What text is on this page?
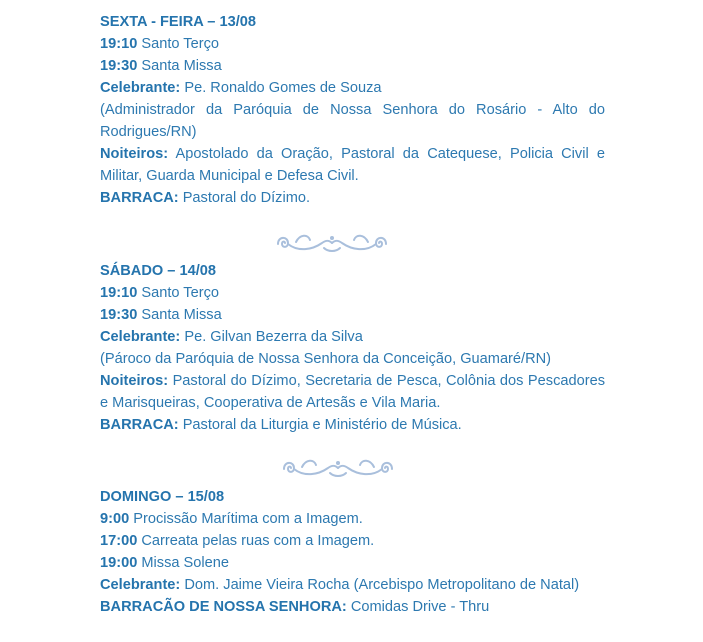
SEXTA - FEIRA – 13/08
19:10 Santo Terço
19:30 Santa Missa
Celebrante: Pe. Ronaldo Gomes de Souza
(Administrador da Paróquia de Nossa Senhora do Rosário - Alto do Rodrigues/RN)
Noiteiros: Apostolado da Oração, Pastoral da Catequese, Policia Civil e Militar, Guarda Municipal e Defesa Civil.
BARRACA: Pastoral do Dízimo.
SÁBADO – 14/08
19:10 Santo Terço
19:30 Santa Missa
Celebrante: Pe. Gilvan Bezerra da Silva
(Pároco da Paróquia de Nossa Senhora da Conceição, Guamaré/RN)
Noiteiros: Pastoral do Dízimo, Secretaria de Pesca, Colônia dos Pescadores e Marisqueiras, Cooperativa de Artesãs e Vila Maria.
BARRACA: Pastoral da Liturgia e Ministério de Música.
DOMINGO – 15/08
9:00 Procissão Marítima com a Imagem.
17:00 Carreata pelas ruas com a Imagem.
19:00 Missa Solene
Celebrante: Dom. Jaime Vieira Rocha (Arcebispo Metropolitano de Natal)
BARRACÃO DE NOSSA SENHORA: Comidas Drive - Thru
